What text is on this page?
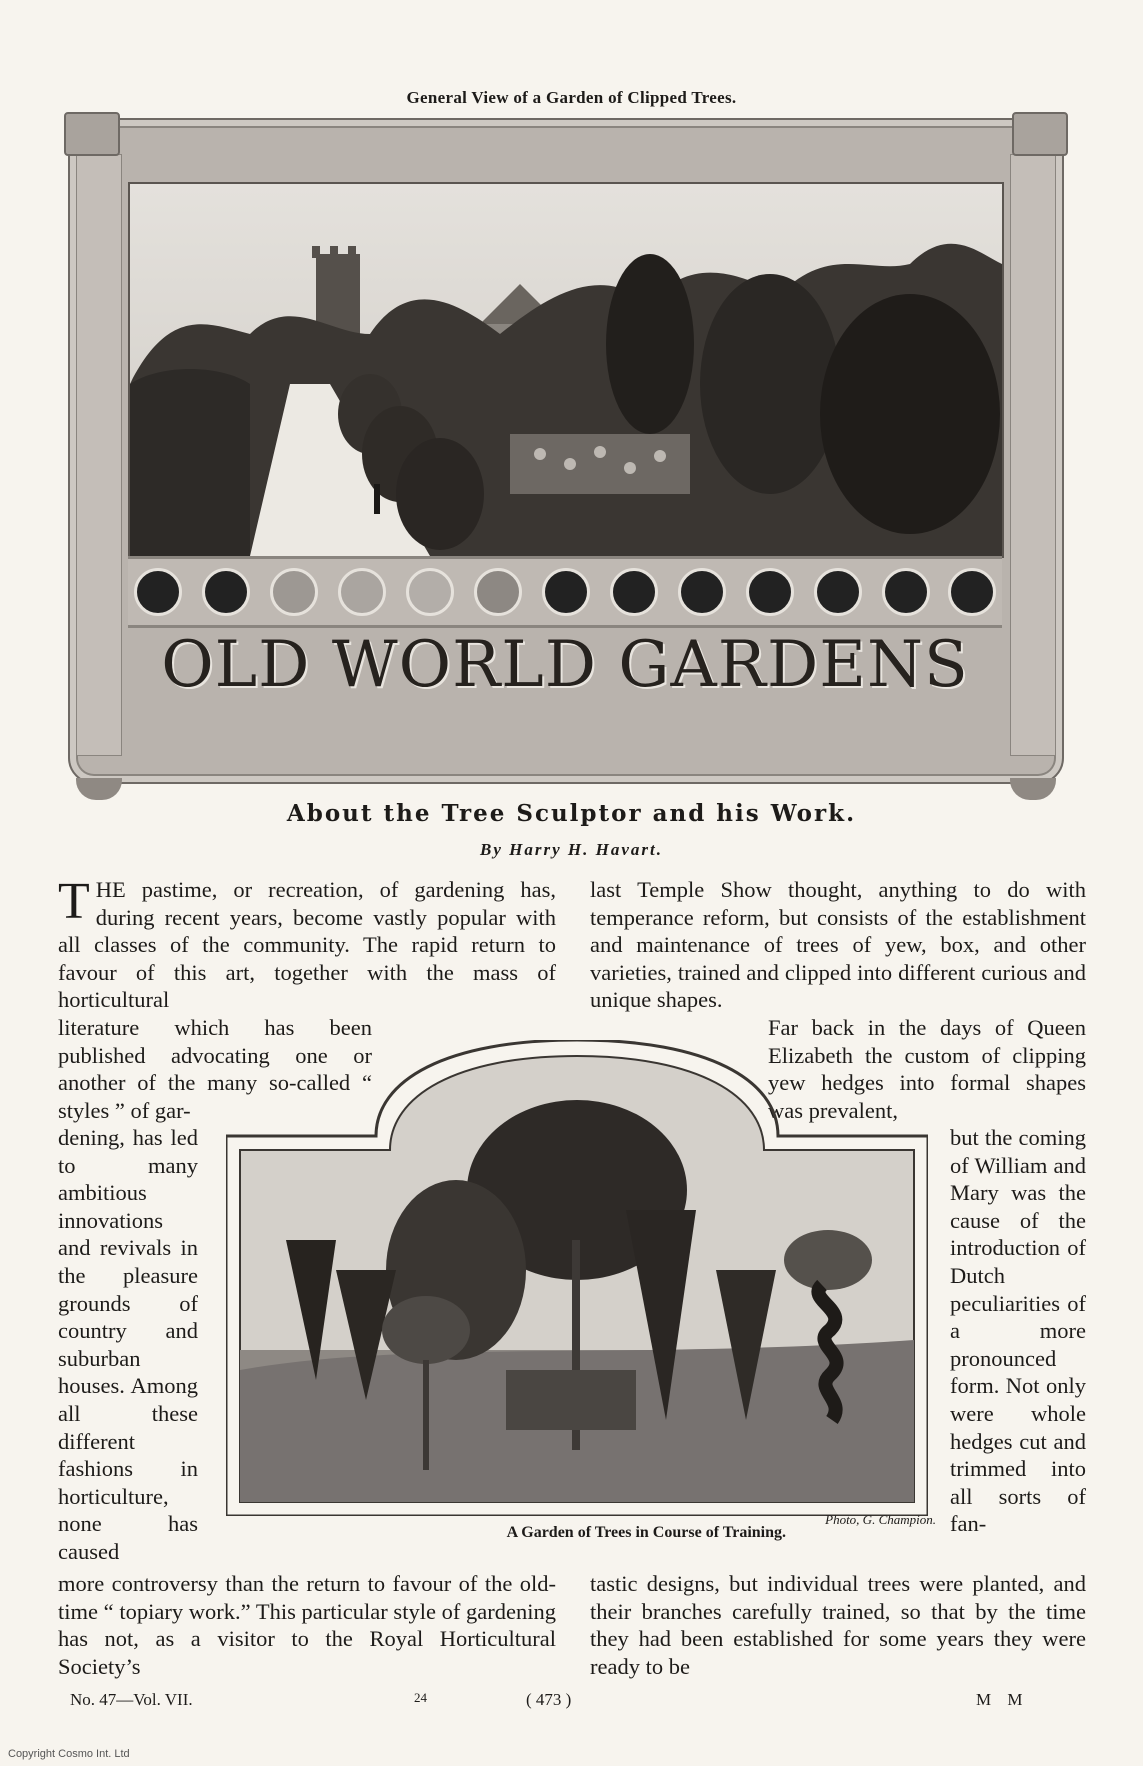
General View of a Garden of Clipped Trees.
OLD WORLD GARDENS
About the Tree Sculptor and his Work.
By Harry H. Havart.
THE pastime, or recreation, of gardening has, during recent years, become vastly popular with all classes of the community. The rapid return to favour of this art, together with the mass of horticultural
last Temple Show thought, anything to do with temperance reform, but consists of the establishment and maintenance of trees of yew, box, and other varieties, trained and clipped into different curious and unique shapes.
literature which has been published advocating one or another of the many so-called “ styles ” of gar-
Far back in the days of Queen Elizabeth the custom of clipping yew hedges into formal shapes was prevalent,
dening, has led to many ambitious innovations and revivals in the pleasure grounds of country and suburban houses. Among all these different fashions in horticulture, none has caused
but the coming of William and Mary was the cause of the introduction of Dutch peculiarities of a more pronounced form. Not only were whole hedges cut and trimmed into all sorts of fan-
Photo, G. Champion.
A Garden of Trees in Course of Training.
more controversy than the return to favour of the old-time “ topiary work.” This particular style of gardening has not, as a visitor to the Royal Horticultural Society’s
tastic designs, but individual trees were planted, and their branches carefully trained, so that by the time they had been established for some years they were ready to be
No. 47—Vol. VII.	24	( 473 )	M M
Copyright Cosmo Int. Ltd
